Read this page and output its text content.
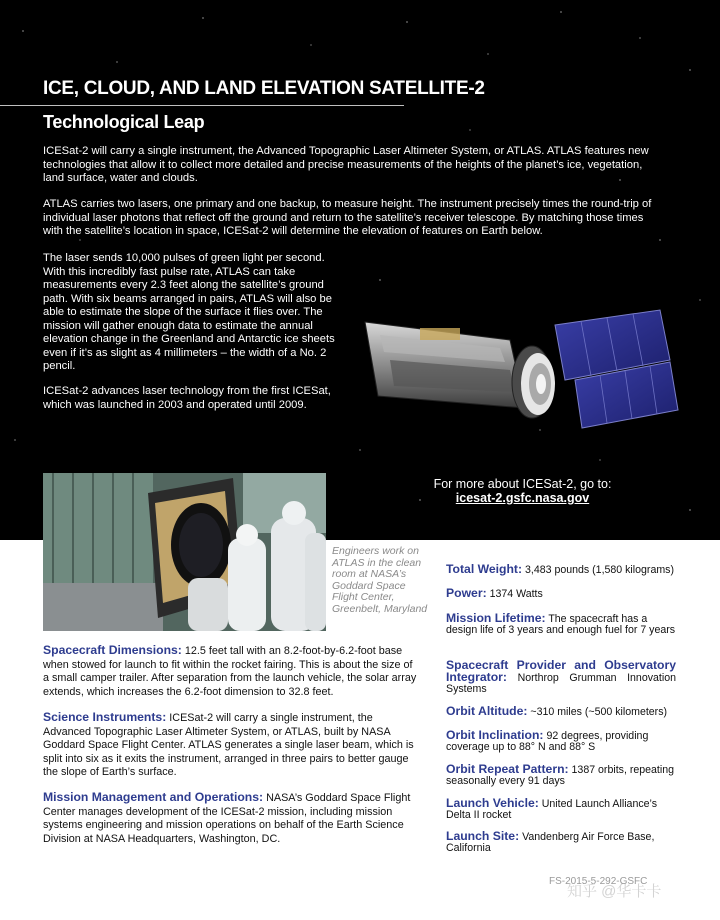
ICE, CLOUD, AND LAND ELEVATION SATELLITE-2
Technological Leap

ICESat-2 will carry a single instrument, the Advanced Topographic Laser Altimeter System, or ATLAS. ATLAS features new technologies that allow it to collect more detailed and precise measurements of the heights of the planet’s ice, vegetation, land surface, water and clouds.

ATLAS carries two lasers, one primary and one backup, to measure height. The instrument precisely times the round-trip of individual laser photons that reflect off the ground and return to the satellite’s receiver telescope. By matching those times with the satellite’s location in space, ICESat-2 will determine the elevation of features on Earth below.

The laser sends 10,000 pulses of green light per second. With this incredibly fast pulse rate, ATLAS can take measurements every 2.3 feet along the satellite’s ground path. With six beams arranged in pairs, ATLAS will also be able to estimate the slope of the surface it flies over. The mission will gather enough data to estimate the annual elevation change in the Greenland and Antarctic ice sheets even if it’s as slight as 4 millimeters – the width of a No. 2 pencil.

ICESat-2 advances laser technology from the first ICESat, which was launched in 2003 and operated until 2009.

For more about ICESat-2, go to:
icesat-2.gsfc.nasa.gov

Engineers work on ATLAS in the clean room at NASA’s Goddard Space Flight Center, Greenbelt, Maryland

Spacecraft Dimensions: 12.5 feet tall with an 8.2-foot-by-6.2-foot base when stowed for launch to fit within the rocket fairing. This is about the size of a small camper trailer. After separation from the launch vehicle, the solar array extends, which increases the 6.2-foot dimension to 32.8 feet.

Science Instruments: ICESat-2 will carry a single instrument, the Advanced Topographic Laser Altimeter System, or ATLAS, built by NASA Goddard Space Flight Center. ATLAS generates a single laser beam, which is split into six as it exits the instrument, arranged in three pairs to better gauge the slope of Earth’s surface.

Mission Management and Operations: NASA’s Goddard Space Flight Center manages development of the ICESat-2 mission, including mission systems engineering and mission operations on behalf of the Earth Science Division at NASA Headquarters, Washington, DC.

Total Weight: 3,483 pounds (1,580 kilograms)

Power: 1374 Watts

Mission Lifetime: The spacecraft has a design life of 3 years and enough fuel for 7 years

Spacecraft Provider and Observatory Integrator: Northrop Grumman Innovation Systems

Orbit Altitude: ~310 miles (~500 kilometers)

Orbit Inclination: 92 degrees, providing coverage up to 88° N and 88° S

Orbit Repeat Pattern: 1387 orbits, repeating seasonally every 91 days

Launch Vehicle: United Launch Alliance’s Delta II rocket

Launch Site: Vandenberg Air Force Base, California

FS-2015-5-292-GSFC
知乎 @华卡卡
